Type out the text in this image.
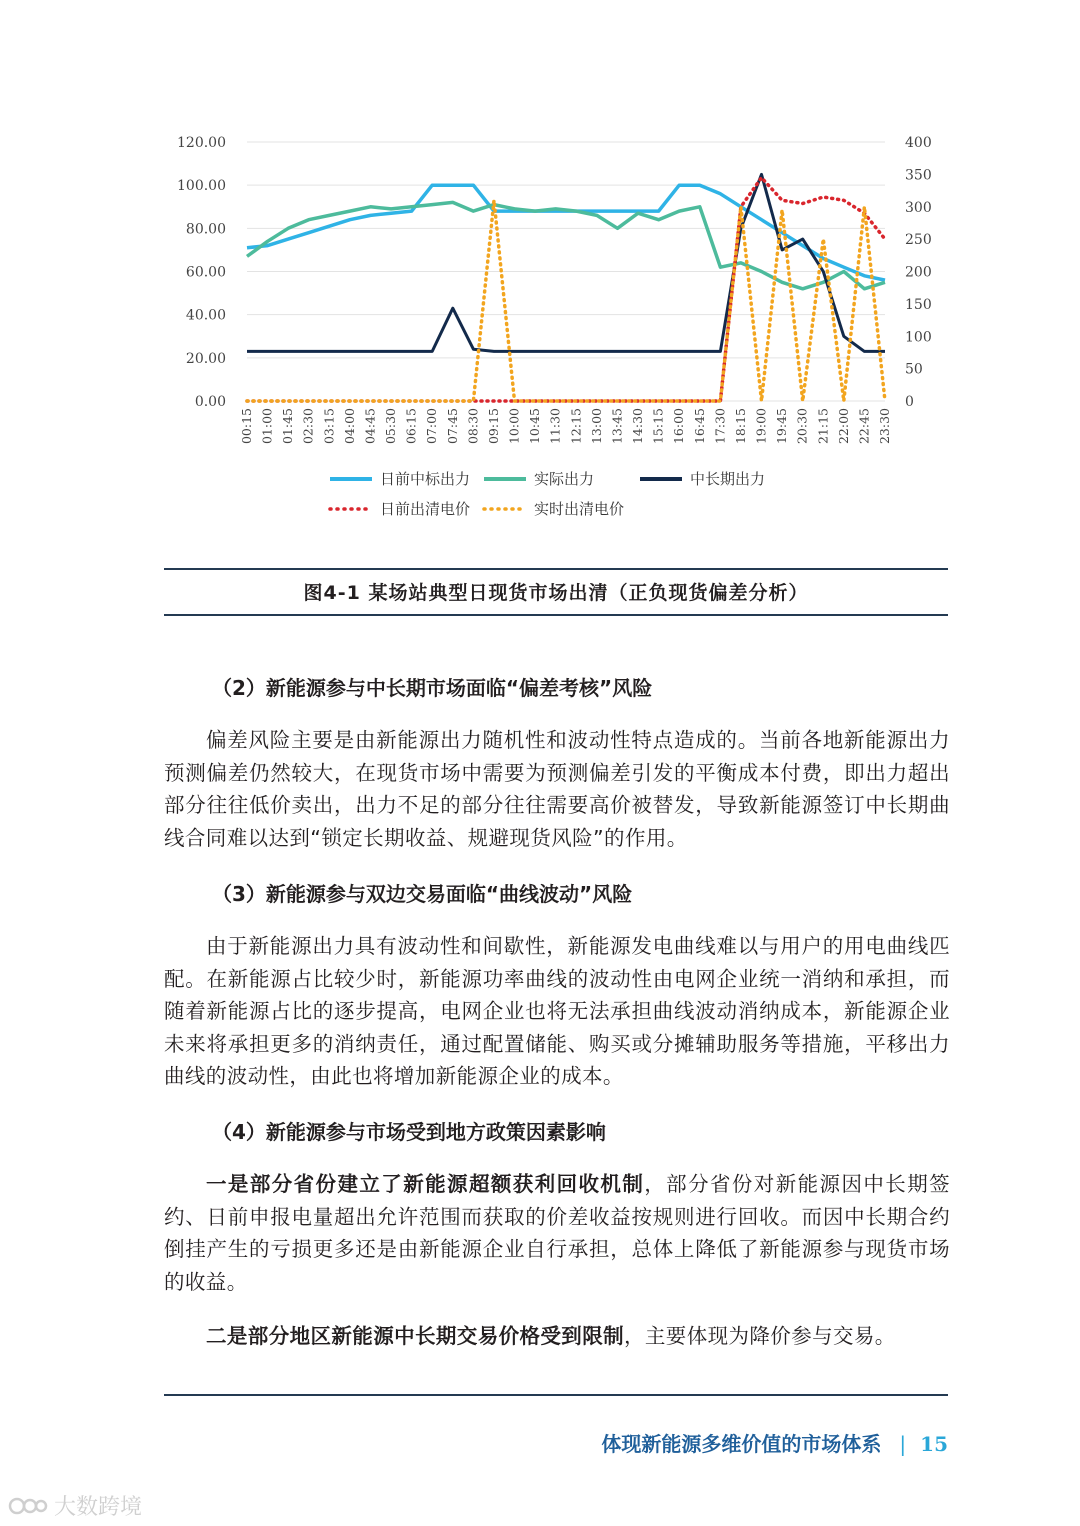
0.00
20.00
40.00
60.00
80.00
100.00
120.00
0
50
100
150
200
250
300
350
400
00:15 01:00 01:45 02:30 03:15 04:00 04:45 05:30 06:15 07:00 07:45 08:30 09:15 10:00 10:45 11:30 12:15 13:00 13:45 14:30 15:15 16:00 16:45 17:30 18:15 19:00 19:45 20:30 21:15 22:00 22:45 23:30
日前中标出力	实际出力	中长期出力
日前出清电价	实时出清电价
图4-1 某场站典型日现货市场出清（正负现货偏差分析）
（2）新能源参与中长期市场面临“偏差考核”风险
偏差风险主要是由新能源出力随机性和波动性特点造成的。当前各地新能源出力预测偏差仍然较大，在现货市场中需要为预测偏差引发的平衡成本付费，即出力超出部分往往低价卖出，出力不足的部分往往需要高价被替发，导致新能源签订中长期曲线合同难以达到“锁定长期收益、规避现货风险”的作用。
（3）新能源参与双边交易面临“曲线波动”风险
由于新能源出力具有波动性和间歇性，新能源发电曲线难以与用户的用电曲线匹配。在新能源占比较少时，新能源功率曲线的波动性由电网企业统一消纳和承担，而随着新能源占比的逐步提高，电网企业也将无法承担曲线波动消纳成本，新能源企业未来将承担更多的消纳责任，通过配置储能、购买或分摊辅助服务等措施，平移出力曲线的波动性，由此也将增加新能源企业的成本。
（4）新能源参与市场受到地方政策因素影响
一是部分省份建立了新能源超额获利回收机制，部分省份对新能源因中长期签约、日前申报电量超出允许范围而获取的价差收益按规则进行回收。而因中长期合约倒挂产生的亏损更多还是由新能源企业自行承担，总体上降低了新能源参与现货市场的收益。
二是部分地区新能源中长期交易价格受到限制，主要体现为降价参与交易。
体现新能源多维价值的市场体系 | 15
大数跨境
